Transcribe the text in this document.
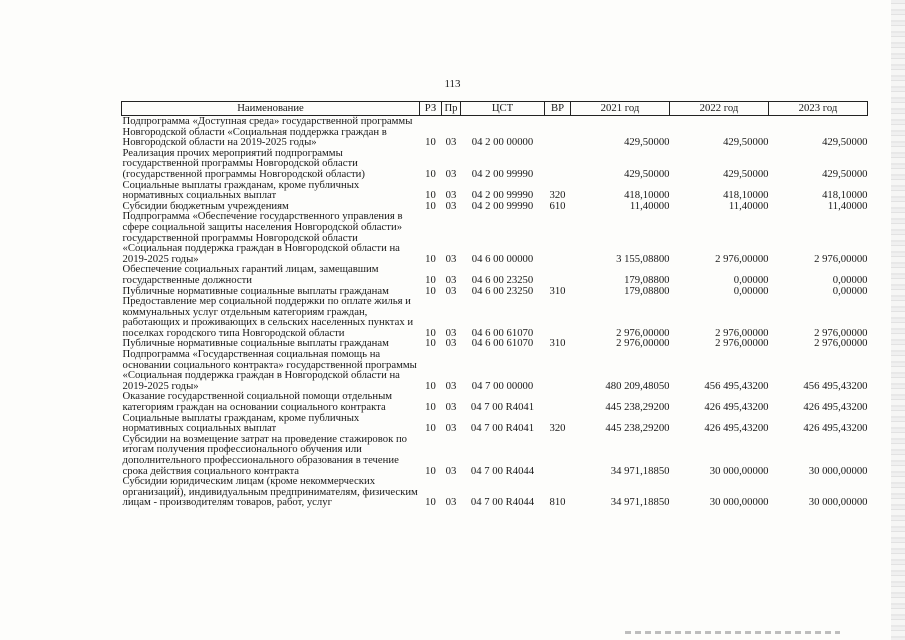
113
Наименование	РЗ	Пр	ЦСТ	ВР	2021 год	2022 год	2023 год
Подпрограмма «Доступная среда» государственной программы Новгородской области «Социальная поддержка граждан в Новгородской области на 2019-2025 годы»	10	03	04 2 00 00000		429,50000	429,50000	429,50000
Реализация прочих мероприятий подпрограммы государственной программы Новгородской области (государственной программы Новгородской области)	10	03	04 2 00 99990		429,50000	429,50000	429,50000
Социальные выплаты гражданам, кроме публичных нормативных социальных выплат	10	03	04 2 00 99990	320	418,10000	418,10000	418,10000
Субсидии бюджетным учреждениям	10	03	04 2 00 99990	610	11,40000	11,40000	11,40000
Подпрограмма «Обеспечение государственного управления в сфере социальной защиты населения Новгородской области» государственной программы Новгородской области «Социальная поддержка граждан в Новгородской области на 2019-2025 годы»	10	03	04 6 00 00000		3 155,08800	2 976,00000	2 976,00000
Обеспечение социальных гарантий лицам, замещавшим государственные должности	10	03	04 6 00 23250		179,08800	0,00000	0,00000
Публичные нормативные социальные выплаты гражданам	10	03	04 6 00 23250	310	179,08800	0,00000	0,00000
Предоставление мер социальной поддержки по оплате жилья и коммунальных услуг отдельным категориям граждан, работающих и проживающих в сельских населенных пунктах и поселках городского типа Новгородской области	10	03	04 6 00 61070		2 976,00000	2 976,00000	2 976,00000
Публичные нормативные социальные выплаты гражданам	10	03	04 6 00 61070	310	2 976,00000	2 976,00000	2 976,00000
Подпрограмма «Государственная социальная помощь на основании социального контракта» государственной программы «Социальная поддержка граждан в Новгородской области на 2019-2025 годы»	10	03	04 7 00 00000		480 209,48050	456 495,43200	456 495,43200
Оказание государственной социальной помощи отдельным категориям граждан на основании социального контракта	10	03	04 7 00 R4041		445 238,29200	426 495,43200	426 495,43200
Социальные выплаты гражданам, кроме публичных нормативных социальных выплат	10	03	04 7 00 R4041	320	445 238,29200	426 495,43200	426 495,43200
Субсидии на возмещение затрат на проведение стажировок по итогам получения профессионального обучения или дополнительного профессионального образования в течение срока действия социального контракта	10	03	04 7 00 R4044		34 971,18850	30 000,00000	30 000,00000
Субсидии юридическим лицам (кроме некоммерческих организаций), индивидуальным предпринимателям, физическим лицам - производителям товаров, работ, услуг	10	03	04 7 00 R4044	810	34 971,18850	30 000,00000	30 000,00000
